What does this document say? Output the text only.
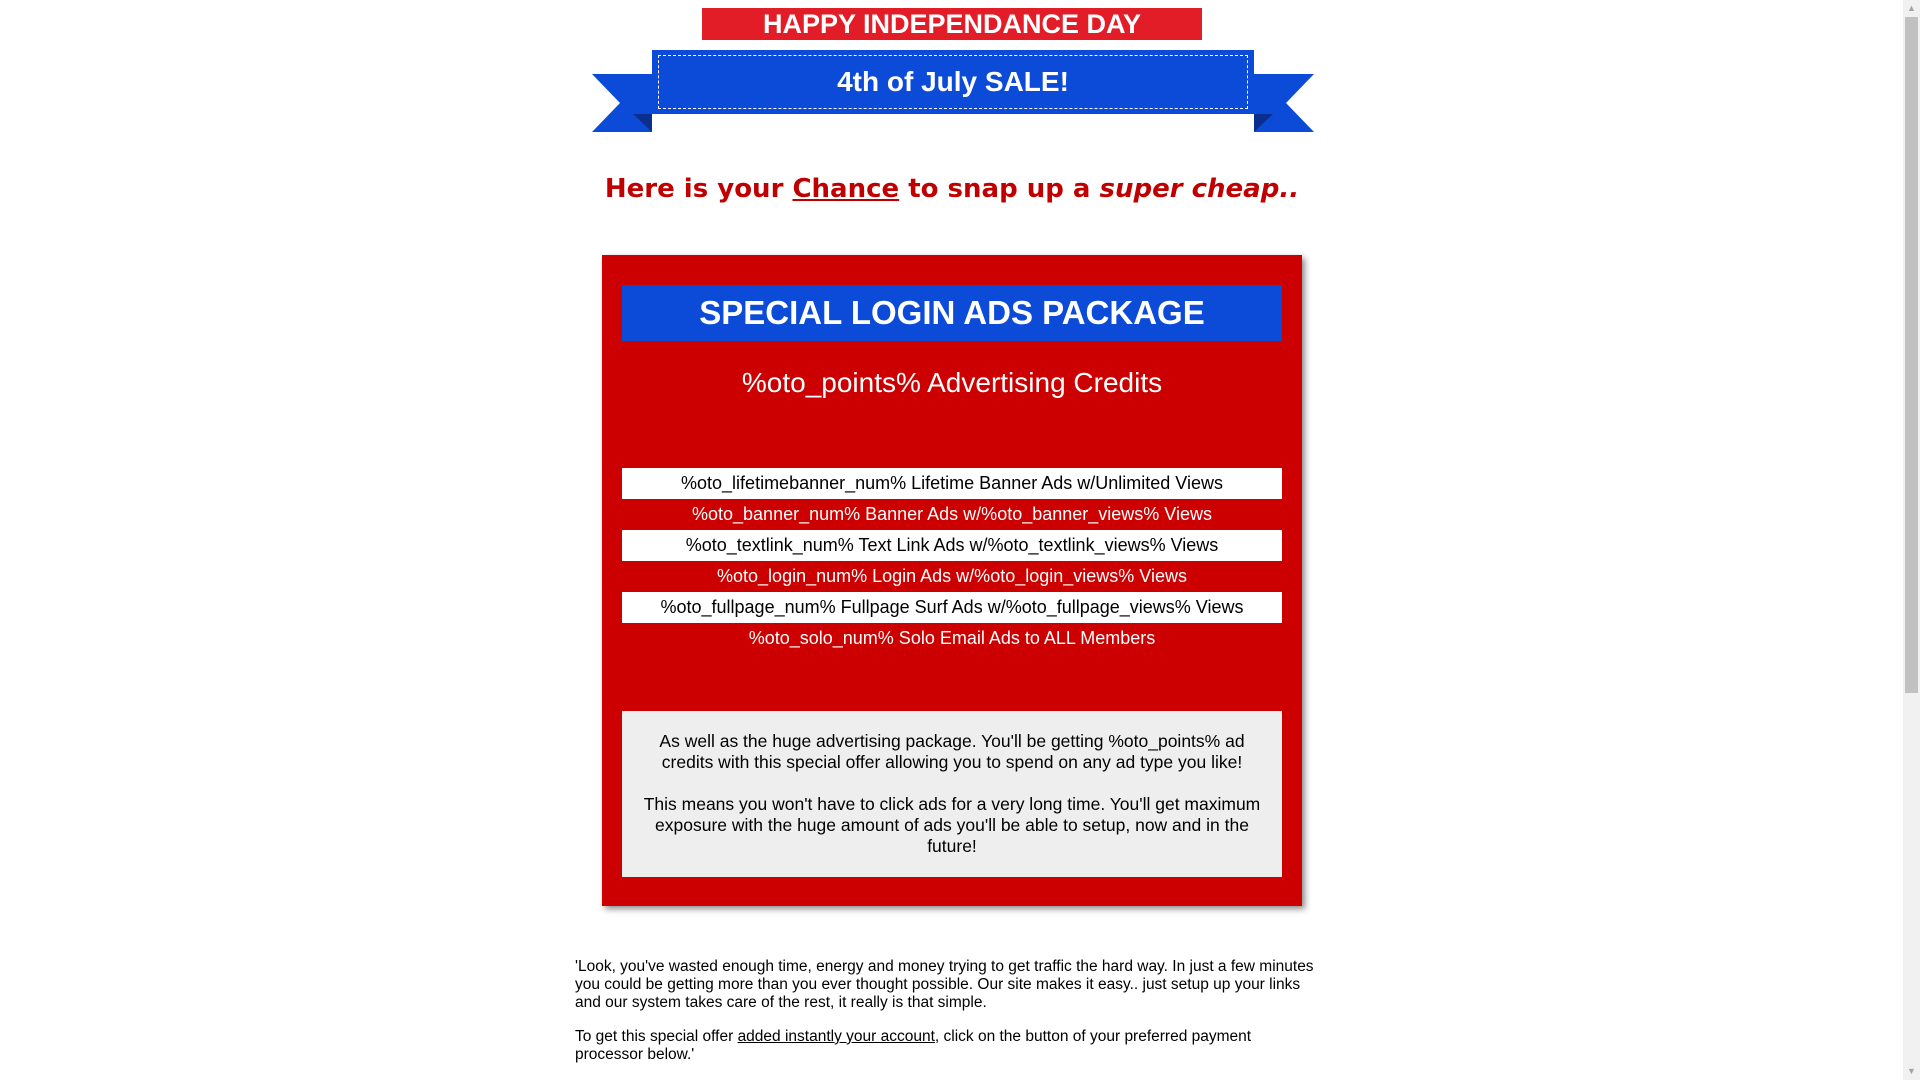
HAPPY INDEPENDANCE DAY
4th of July SALE!
Here is your Chance to snap up a super cheap..
SPECIAL LOGIN ADS PACKAGE
%oto_points% Advertising Credits
%oto_lifetimebanner_num% Lifetime Banner Ads w/Unlimited Views
%oto_banner_num% Banner Ads w/%oto_banner_views% Views
%oto_textlink_num% Text Link Ads w/%oto_textlink_views% Views
%oto_login_num% Login Ads w/%oto_login_views% Views
%oto_fullpage_num% Fullpage Surf Ads w/%oto_fullpage_views% Views
%oto_solo_num% Solo Email Ads to ALL Members

As well as the huge advertising package. You'll be getting %oto_points% ad credits with this special offer allowing you to spend on any ad type you like!

This means you won't have to click ads for a very long time. You'll get maximum exposure with the huge amount of ads you'll be able to setup, now and in the future!

'Look, you've wasted enough time, energy and money trying to get traffic the hard way. In just a few minutes you could be getting more than you ever thought possible. Our site makes it easy.. just setup up your links and our system takes care of the rest, it really is that simple.

To get this special offer added instantly your account, click on the button of your preferred payment processor below.'

▲
▼
